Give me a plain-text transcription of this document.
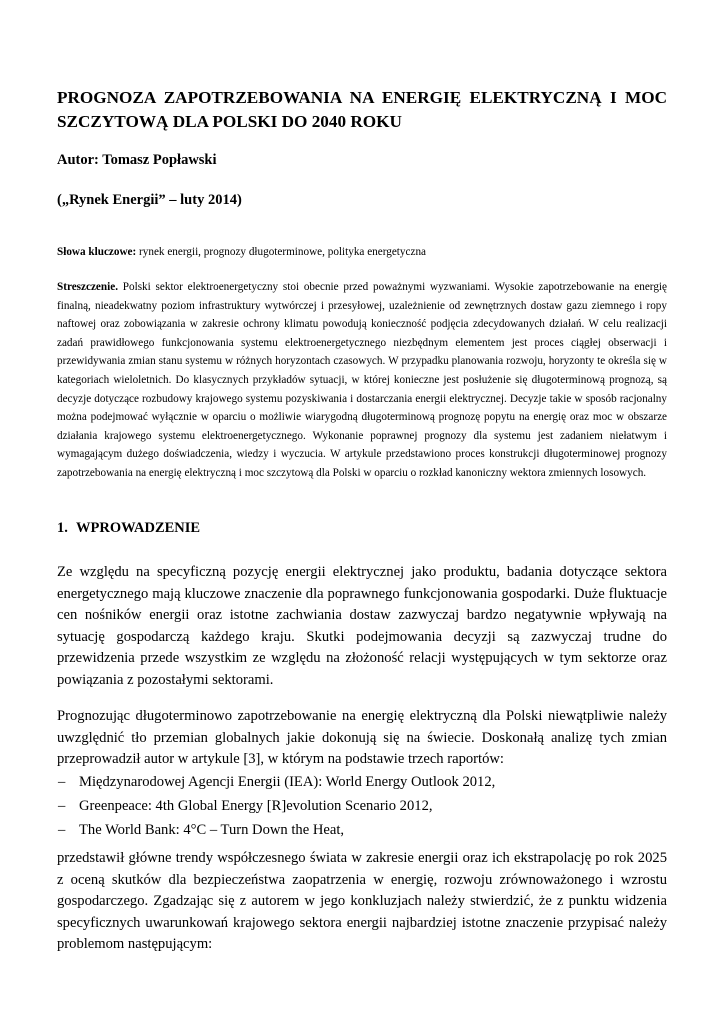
PROGNOZA ZAPOTRZEBOWANIA NA ENERGIĘ ELEKTRYCZNĄ I MOC SZCZYTOWĄ DLA POLSKI DO 2040 ROKU

Autor: Tomasz Popławski

(„Rynek Energii” – luty 2014)

Słowa kluczowe: rynek energii, prognozy długoterminowe, polityka energetyczna

Streszczenie. Polski sektor elektroenergetyczny stoi obecnie przed poważnymi wyzwaniami. Wysokie zapotrzebowanie na energię finalną, nieadekwatny poziom infrastruktury wytwórczej i przesyłowej, uzależnienie od zewnętrznych dostaw gazu ziemnego i ropy naftowej oraz zobowiązania w zakresie ochrony klimatu powodują konieczność podjęcia zdecydowanych działań. W celu realizacji zadań prawidłowego funkcjonowania systemu elektroenergetycznego niezbędnym elementem jest proces ciągłej obserwacji i przewidywania zmian stanu systemu w różnych horyzontach czasowych. W przypadku planowania rozwoju, horyzonty te określa się w kategoriach wieloletnich. Do klasycznych przykładów sytuacji, w której konieczne jest posłużenie się długoterminową prognozą, są decyzje dotyczące rozbudowy krajowego systemu pozyskiwania i dostarczania energii elektrycznej. Decyzje takie w sposób racjonalny można podejmować wyłącznie w oparciu o możliwie wiarygodną długoterminową prognozę popytu na energię oraz moc w obszarze działania krajowego systemu elektroenergetycznego. Wykonanie poprawnej prognozy dla systemu jest zadaniem niełatwym i wymagającym dużego doświadczenia, wiedzy i wyczucia. W artykule przedstawiono proces konstrukcji długoterminowej prognozy zapotrzebowania na energię elektryczną i moc szczytową dla Polski w oparciu o rozkład kanoniczny wektora zmiennych losowych.

1. WPROWADZENIE

Ze względu na specyficzną pozycję energii elektrycznej jako produktu, badania dotyczące sektora energetycznego mają kluczowe znaczenie dla poprawnego funkcjonowania gospodarki. Duże fluktuacje cen nośników energii oraz istotne zachwiania dostaw zazwyczaj bardzo negatywnie wpływają na sytuację gospodarczą każdego kraju. Skutki podejmowania decyzji są zazwyczaj trudne do przewidzenia przede wszystkim ze względu na złożoność relacji występujących w tym sektorze oraz powiązania z pozostałymi sektorami.

Prognozując długoterminowo zapotrzebowanie na energię elektryczną dla Polski niewątpliwie należy uwzględnić tło przemian globalnych jakie dokonują się na świecie. Doskonałą analizę tych zmian przeprowadził autor w artykule [3], w którym na podstawie trzech raportów:

– Międzynarodowej Agencji Energii (IEA): World Energy Outlook 2012,
– Greenpeace: 4th Global Energy [R]evolution Scenario 2012,
– The World Bank: 4°C – Turn Down the Heat,

przedstawił główne trendy współczesnego świata w zakresie energii oraz ich ekstrapolację po rok 2025 z oceną skutków dla bezpieczeństwa zaopatrzenia w energię, rozwoju zrównoważonego i wzrostu gospodarczego. Zgadzając się z autorem w jego konkluzjach należy stwierdzić, że z punktu widzenia specyficznych uwarunkowań krajowego sektora energii najbardziej istotne znaczenie przypisać należy problemom następującym:
